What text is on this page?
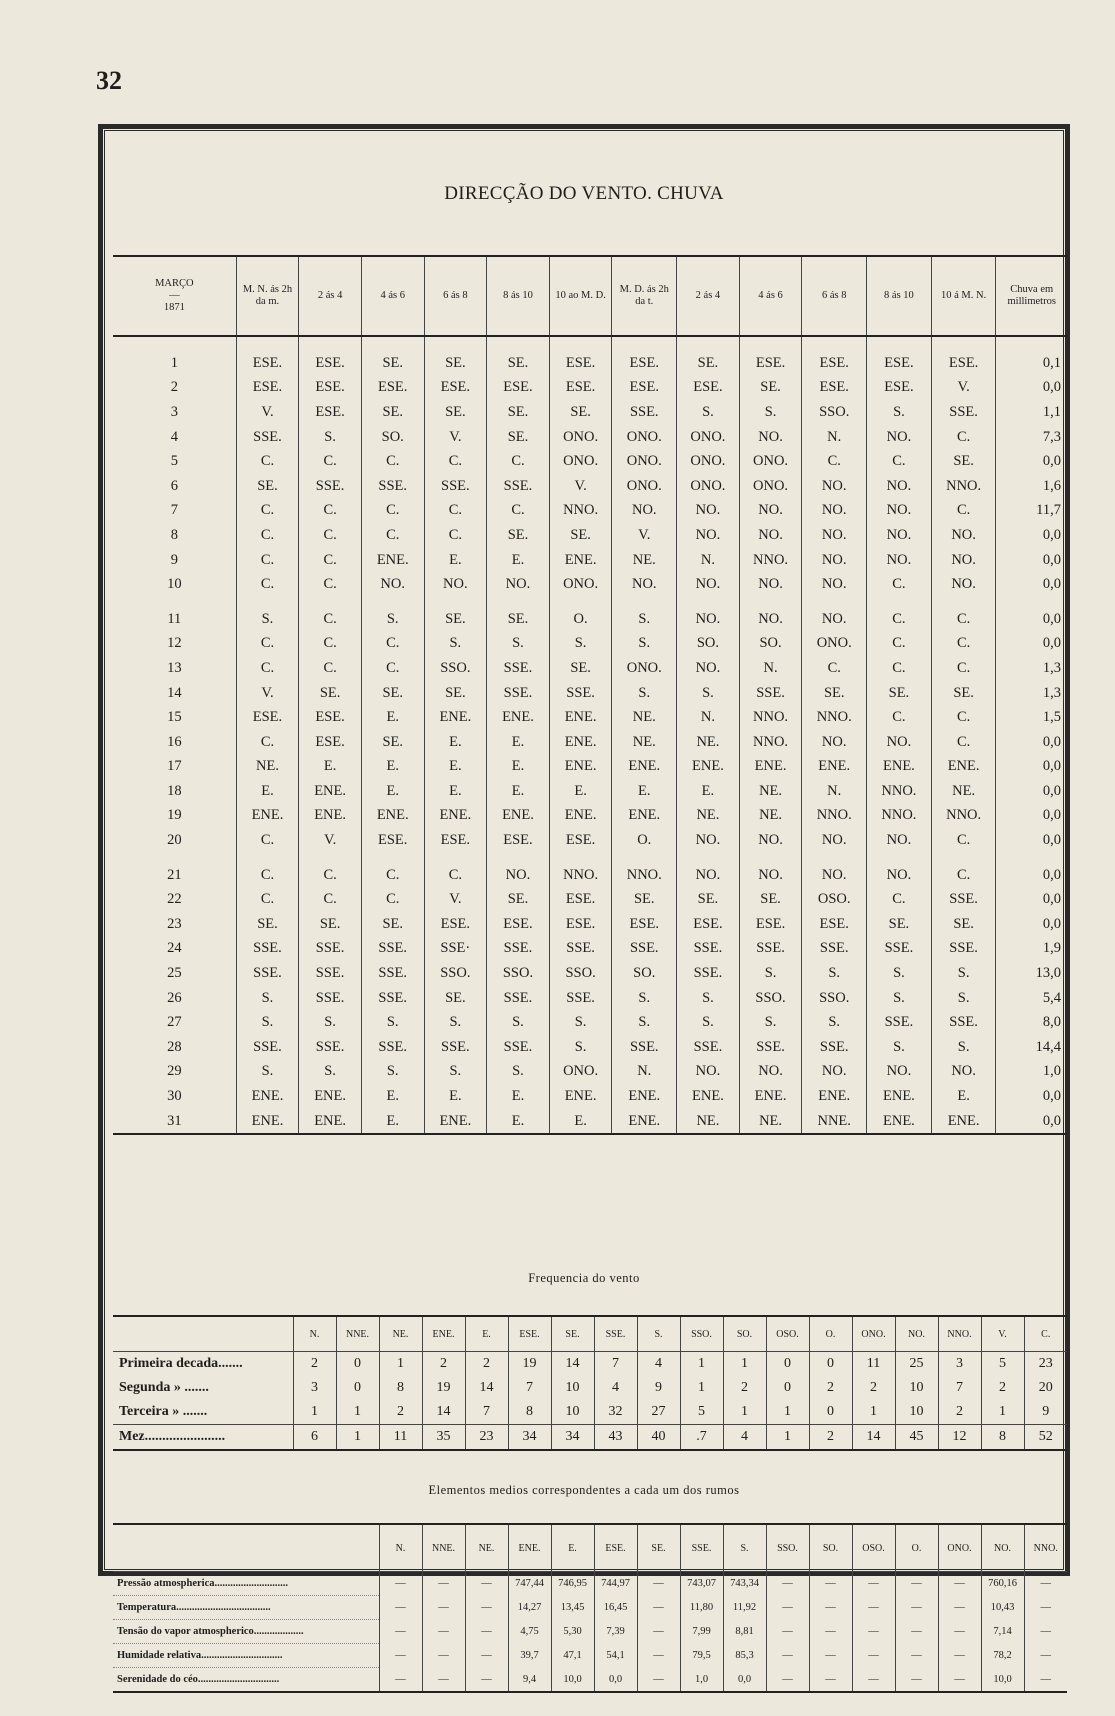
32
DIRECÇÃO DO VENTO. CHUVA
MARÇO
—
1871	M. N. ás 2h da m.	2 ás 4	4 ás 6	6 ás 8	8 ás 10	10 ao M. D.	M. D. ás 2h da t.	2 ás 4	4 ás 6	6 ás 8	8 ás 10	10 á M. N.	Chuva em millimetros
1	ESE.	ESE.	SE.	SE.	SE.	ESE.	ESE.	SE.	ESE.	ESE.	ESE.	ESE.	0,1
2	ESE.	ESE.	ESE.	ESE.	ESE.	ESE.	ESE.	ESE.	SE.	ESE.	ESE.	V.	0,0
3	V.	ESE.	SE.	SE.	SE.	SE.	SSE.	S.	S.	SSO.	S.	SSE.	1,1
4	SSE.	S.	SO.	V.	SE.	ONO.	ONO.	ONO.	NO.	N.	NO.	C.	7,3
5	C.	C.	C.	C.	C.	ONO.	ONO.	ONO.	ONO.	C.	C.	SE.	0,0
6	SE.	SSE.	SSE.	SSE.	SSE.	V.	ONO.	ONO.	ONO.	NO.	NO.	NNO.	1,6
7	C.	C.	C.	C.	C.	NNO.	NO.	NO.	NO.	NO.	NO.	C.	11,7
8	C.	C.	C.	C.	SE.	SE.	V.	NO.	NO.	NO.	NO.	NO.	0,0
9	C.	C.	ENE.	E.	E.	ENE.	NE.	N.	NNO.	NO.	NO.	NO.	0,0
10	C.	C.	NO.	NO.	NO.	ONO.	NO.	NO.	NO.	NO.	C.	NO.	0,0
11	S.	C.	S.	SE.	SE.	O.	S.	NO.	NO.	NO.	C.	C.	0,0
12	C.	C.	C.	S.	S.	S.	S.	SO.	SO.	ONO.	C.	C.	0,0
13	C.	C.	C.	SSO.	SSE.	SE.	ONO.	NO.	N.	C.	C.	C.	1,3
14	V.	SE.	SE.	SE.	SSE.	SSE.	S.	S.	SSE.	SE.	SE.	SE.	1,3
15	ESE.	ESE.	E.	ENE.	ENE.	ENE.	NE.	N.	NNO.	NNO.	C.	C.	1,5
16	C.	ESE.	SE.	E.	E.	ENE.	NE.	NE.	NNO.	NO.	NO.	C.	0,0
17	NE.	E.	E.	E.	E.	ENE.	ENE.	ENE.	ENE.	ENE.	ENE.	ENE.	0,0
18	E.	ENE.	E.	E.	E.	E.	E.	E.	NE.	N.	NNO.	NE.	0,0
19	ENE.	ENE.	ENE.	ENE.	ENE.	ENE.	ENE.	NE.	NE.	NNO.	NNO.	NNO.	0,0
20	C.	V.	ESE.	ESE.	ESE.	ESE.	O.	NO.	NO.	NO.	NO.	C.	0,0
21	C.	C.	C.	C.	NO.	NNO.	NNO.	NO.	NO.	NO.	NO.	C.	0,0
22	C.	C.	C.	V.	SE.	ESE.	SE.	SE.	SE.	OSO.	C.	SSE.	0,0
23	SE.	SE.	SE.	ESE.	ESE.	ESE.	ESE.	ESE.	ESE.	ESE.	SE.	SE.	0,0
24	SSE.	SSE.	SSE.	SSE·	SSE.	SSE.	SSE.	SSE.	SSE.	SSE.	SSE.	SSE.	1,9
25	SSE.	SSE.	SSE.	SSO.	SSO.	SSO.	SO.	SSE.	S.	S.	S.	S.	13,0
26	S.	SSE.	SSE.	SE.	SSE.	SSE.	S.	S.	SSO.	SSO.	S.	S.	5,4
27	S.	S.	S.	S.	S.	S.	S.	S.	S.	S.	SSE.	SSE.	8,0
28	SSE.	SSE.	SSE.	SSE.	SSE.	S.	SSE.	SSE.	SSE.	SSE.	S.	S.	14,4
29	S.	S.	S.	S.	S.	ONO.	N.	NO.	NO.	NO.	NO.	NO.	1,0
30	ENE.	ENE.	E.	E.	E.	ENE.	ENE.	ENE.	ENE.	ENE.	ENE.	E.	0,0
31	ENE.	ENE.	E.	ENE.	E.	E.	ENE.	NE.	NE.	NNE.	ENE.	ENE.	0,0
Frequencia do vento
	N.	NNE.	NE.	ENE.	E.	ESE.	SE.	SSE.	S.	SSO.	SO.	OSO.	O.	ONO.	NO.	NNO.	V.	C.
Primeira decada.......	2	0	1	2	2	19	14	7	4	1	1	0	0	11	25	3	5	23
Segunda » .......	3	0	8	19	14	7	10	4	9	1	2	0	2	2	10	7	2	20
Terceira » .......	1	1	2	14	7	8	10	32	27	5	1	1	0	1	10	2	1	9
Mez.......................	6	1	11	35	23	34	34	43	40	.7	4	1	2	14	45	12	8	52
Elementos medios correspondentes a cada um dos rumos
	N.	NNE.	NE.	ENE.	E.	ESE.	SE.	SSE.	S.	SSO.	SO.	OSO.	O.	ONO.	NO.	NNO.
Pressão atmospherica............................	—	—	—	747,44	746,95	744,97	—	743,07	743,34	—	—	—	—	—	760,16	—
Temperatura....................................	—	—	—	14,27	13,45	16,45	—	11,80	11,92	—	—	—	—	—	10,43	—
Tensão do vapor atmospherico...................	—	—	—	4,75	5,30	7,39	—	7,99	8,81	—	—	—	—	—	7,14	—
Humidade relativa...............................	—	—	—	39,7	47,1	54,1	—	79,5	85,3	—	—	—	—	—	78,2	—
Serenidade do céo...............................	—	—	—	9,4	10,0	0,0	—	1,0	0,0	—	—	—	—	—	10,0	—
